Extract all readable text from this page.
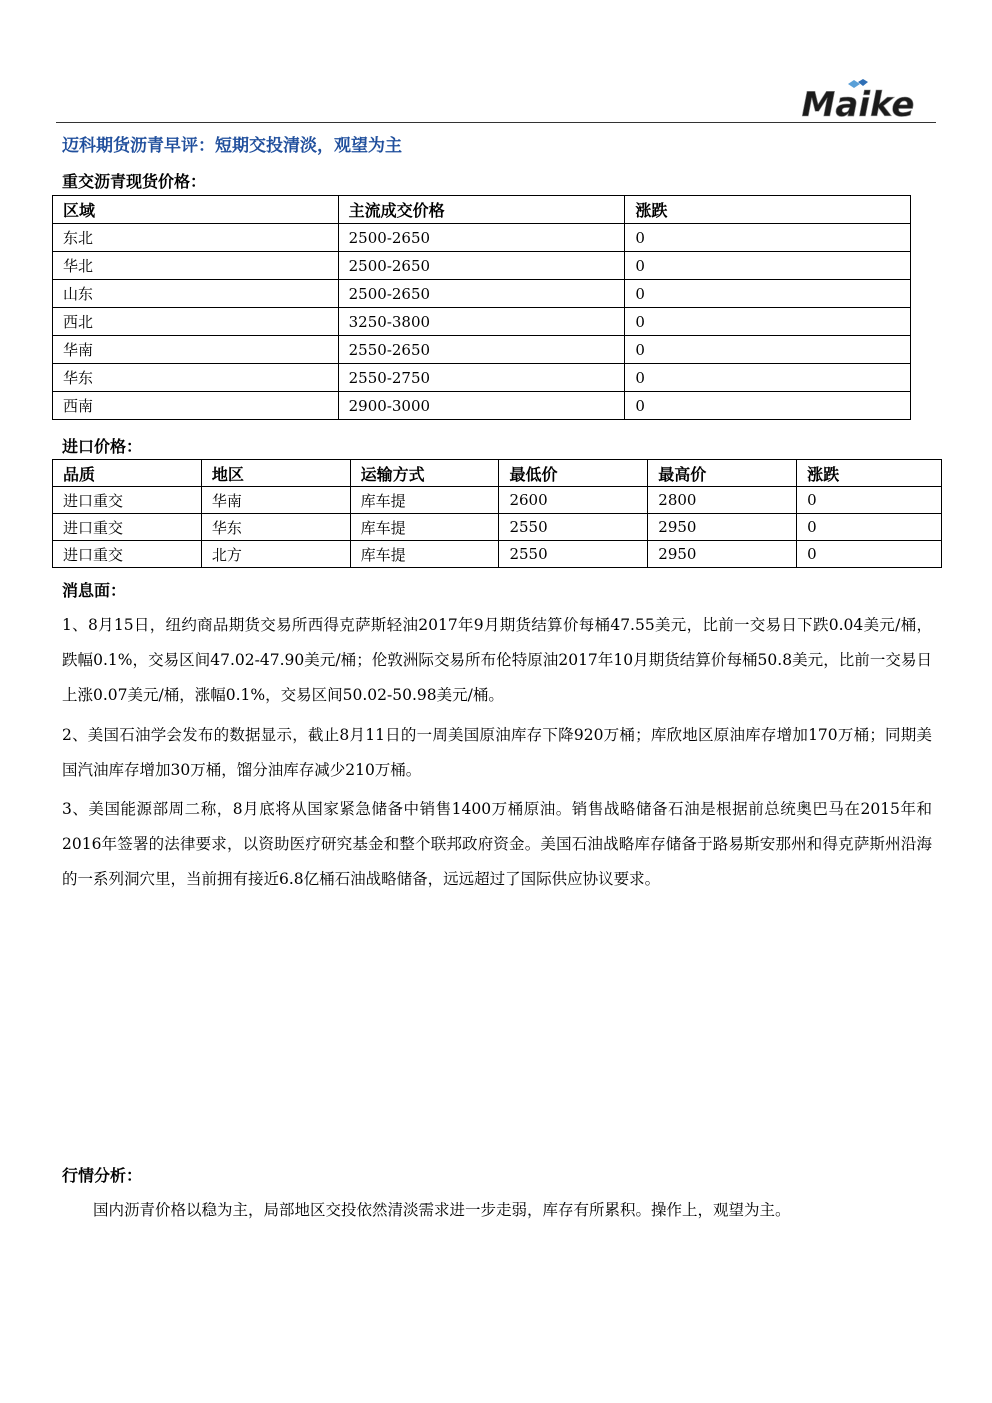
Maike
迈科期货沥青早评：短期交投清淡，观望为主
重交沥青现货价格：
区域	主流成交价格	涨跌
东北	2500-2650	0
华北	2500-2650	0
山东	2500-2650	0
西北	3250-3800	0
华南	2550-2650	0
华东	2550-2750	0
西南	2900-3000	0
进口价格：
品质	地区	运输方式	最低价	最高价	涨跌
进口重交	华南	库车提	2600	2800	0
进口重交	华东	库车提	2550	2950	0
进口重交	北方	库车提	2550	2950	0
消息面：
1、8月15日，纽约商品期货交易所西得克萨斯轻油2017年9月期货结算价每桶47.55美元，比前一交易日下跌0.04美元/桶，跌幅0.1%，交易区间47.02-47.90美元/桶；伦敦洲际交易所布伦特原油2017年10月期货结算价每桶50.8美元，比前一交易日上涨0.07美元/桶，涨幅0.1%，交易区间50.02-50.98美元/桶。
2、美国石油学会发布的数据显示，截止8月11日的一周美国原油库存下降920万桶；库欣地区原油库存增加170万桶；同期美国汽油库存增加30万桶，馏分油库存减少210万桶。
3、美国能源部周二称，8月底将从国家紧急储备中销售1400万桶原油。销售战略储备石油是根据前总统奥巴马在2015年和2016年签署的法律要求，以资助医疗研究基金和整个联邦政府资金。美国石油战略库存储备于路易斯安那州和得克萨斯州沿海的一系列洞穴里，当前拥有接近6.8亿桶石油战略储备，远远超过了国际供应协议要求。
行情分析：
国内沥青价格以稳为主，局部地区交投依然清淡需求进一步走弱，库存有所累积。操作上，观望为主。
